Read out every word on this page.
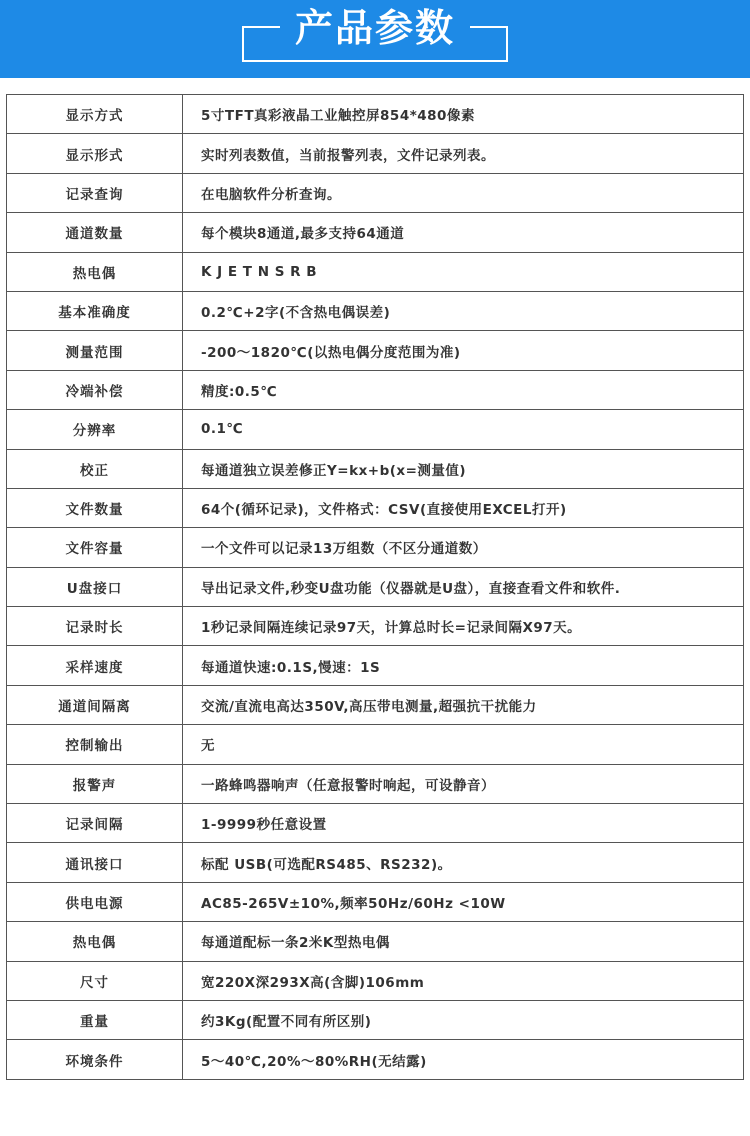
产品参数
显示方式	5寸TFT真彩液晶工业触控屏854*480像素
显示形式	实时列表数值，当前报警列表，文件记录列表。
记录查询	在电脑软件分析查询。
通道数量	每个模块8通道,最多支持64通道
热电偶	K J E T N S R B
基本准确度	0.2℃+2字(不含热电偶误差)
测量范围	-200～1820℃(以热电偶分度范围为准)
冷端补偿	精度:0.5℃
分辨率	0.1℃
校正	每通道独立误差修正Y=kx+b(x=测量值)
文件数量	64个(循环记录)，文件格式：CSV(直接使用EXCEL打开)
文件容量	一个文件可以记录13万组数（不区分通道数）
U盘接口	导出记录文件,秒变U盘功能（仪器就是U盘），直接查看文件和软件.
记录时长	1秒记录间隔连续记录97天，计算总时长=记录间隔X97天。
采样速度	每通道快速:0.1S,慢速：1S
通道间隔离	交流/直流电高达350V,高压带电测量,超强抗干扰能力
控制输出	无
报警声	一路蜂鸣器响声（任意报警时响起，可设静音）
记录间隔	1-9999秒任意设置
通讯接口	标配 USB(可选配RS485、RS232)。
供电电源	AC85-265V±10%,频率50Hz/60Hz <10W
热电偶	每通道配标一条2米K型热电偶
尺寸	宽220X深293X高(含脚)106mm
重量	约3Kg(配置不同有所区别)
环境条件	5～40℃,20%～80%RH(无结露)
